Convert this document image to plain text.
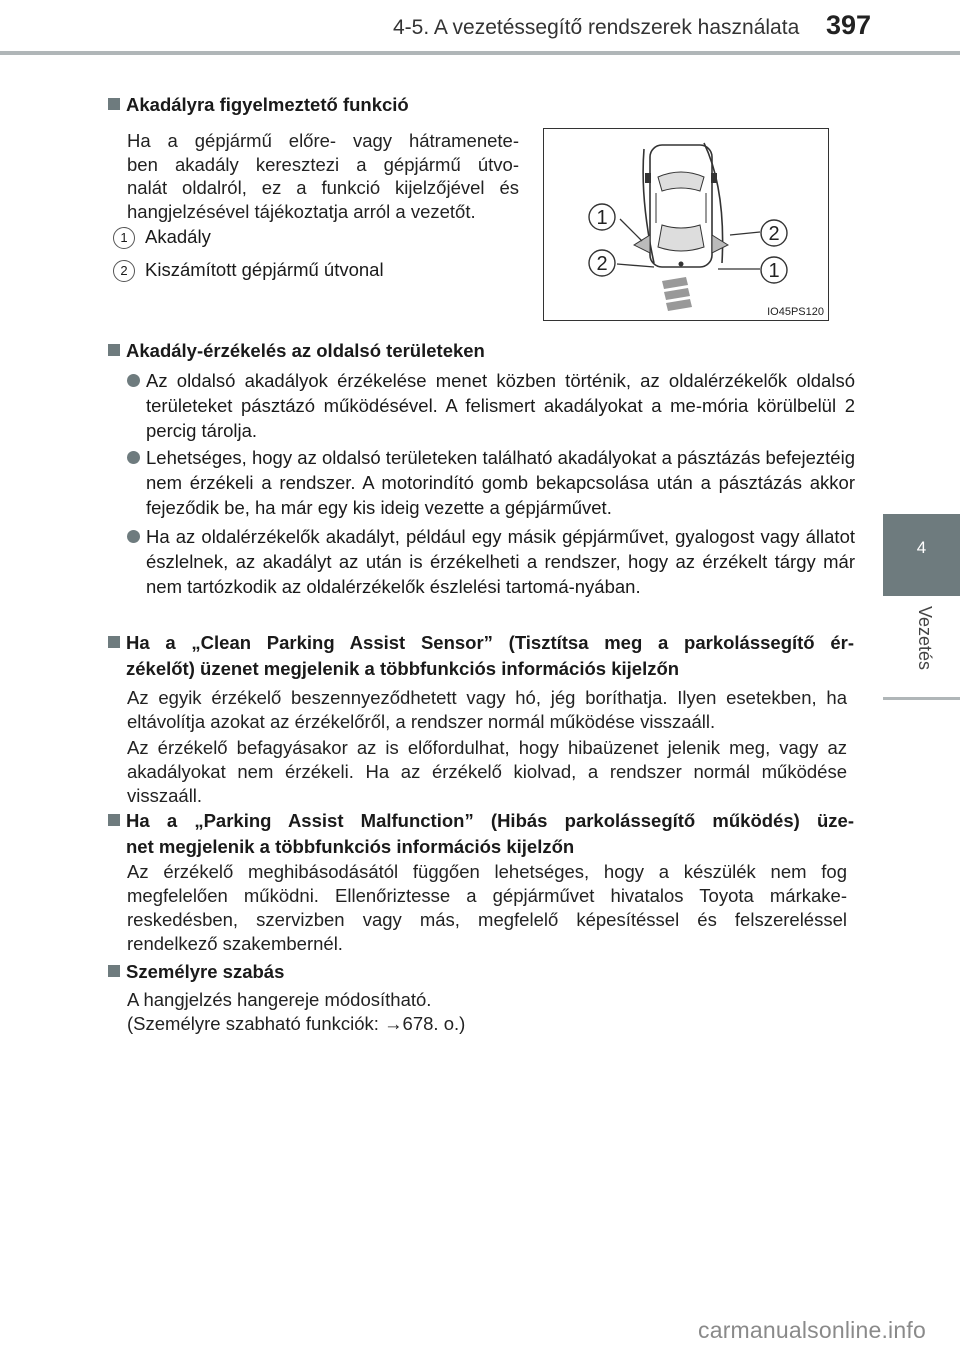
4-5. A vezetéssegítő rendszerek használata 397
4
Vezetés
Akadályra figyelmeztető funkció
Ha a gépjármű előre- vagy hátramenete-
ben akadály keresztezi a gépjármű útvo-
nalát oldalról, ez a funkció kijelzőjével és
hangjelzésével tájékoztatja arról a vezetőt.
1 Akadály
2 Kiszámított gépjármű útvonal
1
2
2
1
IO45PS120
Akadály-érzékelés az oldalsó területeken
Az oldalsó akadályok érzékelése menet közben történik, az oldalérzékelők oldalsó területeket pásztázó működésével. A felismert akadályokat a me-mória körülbelül 2 percig tárolja.
Lehetséges, hogy az oldalsó területeken található akadályokat a pásztázás befejeztéig nem érzékeli a rendszer. A motorindító gomb bekapcsolása után a pásztázás akkor fejeződik be, ha már egy kis ideig vezette a gépjárművet.
Ha az oldalérzékelők akadályt, például egy másik gépjárművet, gyalogost vagy állatot észlelnek, az akadályt az után is érzékelheti a rendszer, hogy az érzékelt tárgy már nem tartózkodik az oldalérzékelők észlelési tartomá-nyában.
Ha a „Clean Parking Assist Sensor” (Tisztítsa meg a parkolássegítő ér-
zékelőt) üzenet megjelenik a többfunkciós információs kijelzőn
Az egyik érzékelő beszennyeződhetett vagy hó, jég boríthatja. Ilyen esetekben, ha eltávolítja azokat az érzékelőről, a rendszer normál működése visszaáll.
Az érzékelő befagyásakor az is előfordulhat, hogy hibaüzenet jelenik meg, vagy az akadályokat nem érzékeli. Ha az érzékelő kiolvad, a rendszer normál működése visszaáll.
Ha a „Parking Assist Malfunction” (Hibás parkolássegítő működés) üze-
net megjelenik a többfunkciós információs kijelzőn
Az érzékelő meghibásodásától függően lehetséges, hogy a készülék nem fog megfelelően működni. Ellenőriztesse a gépjárművet hivatalos Toyota márkake-reskedésben, szervizben vagy más, megfelelő képesítéssel és felszereléssel rendelkező szakembernél.
Személyre szabás
A hangjelzés hangereje módosítható.
(Személyre szabható funkciók: →678. o.)
carmanualsonline.info
